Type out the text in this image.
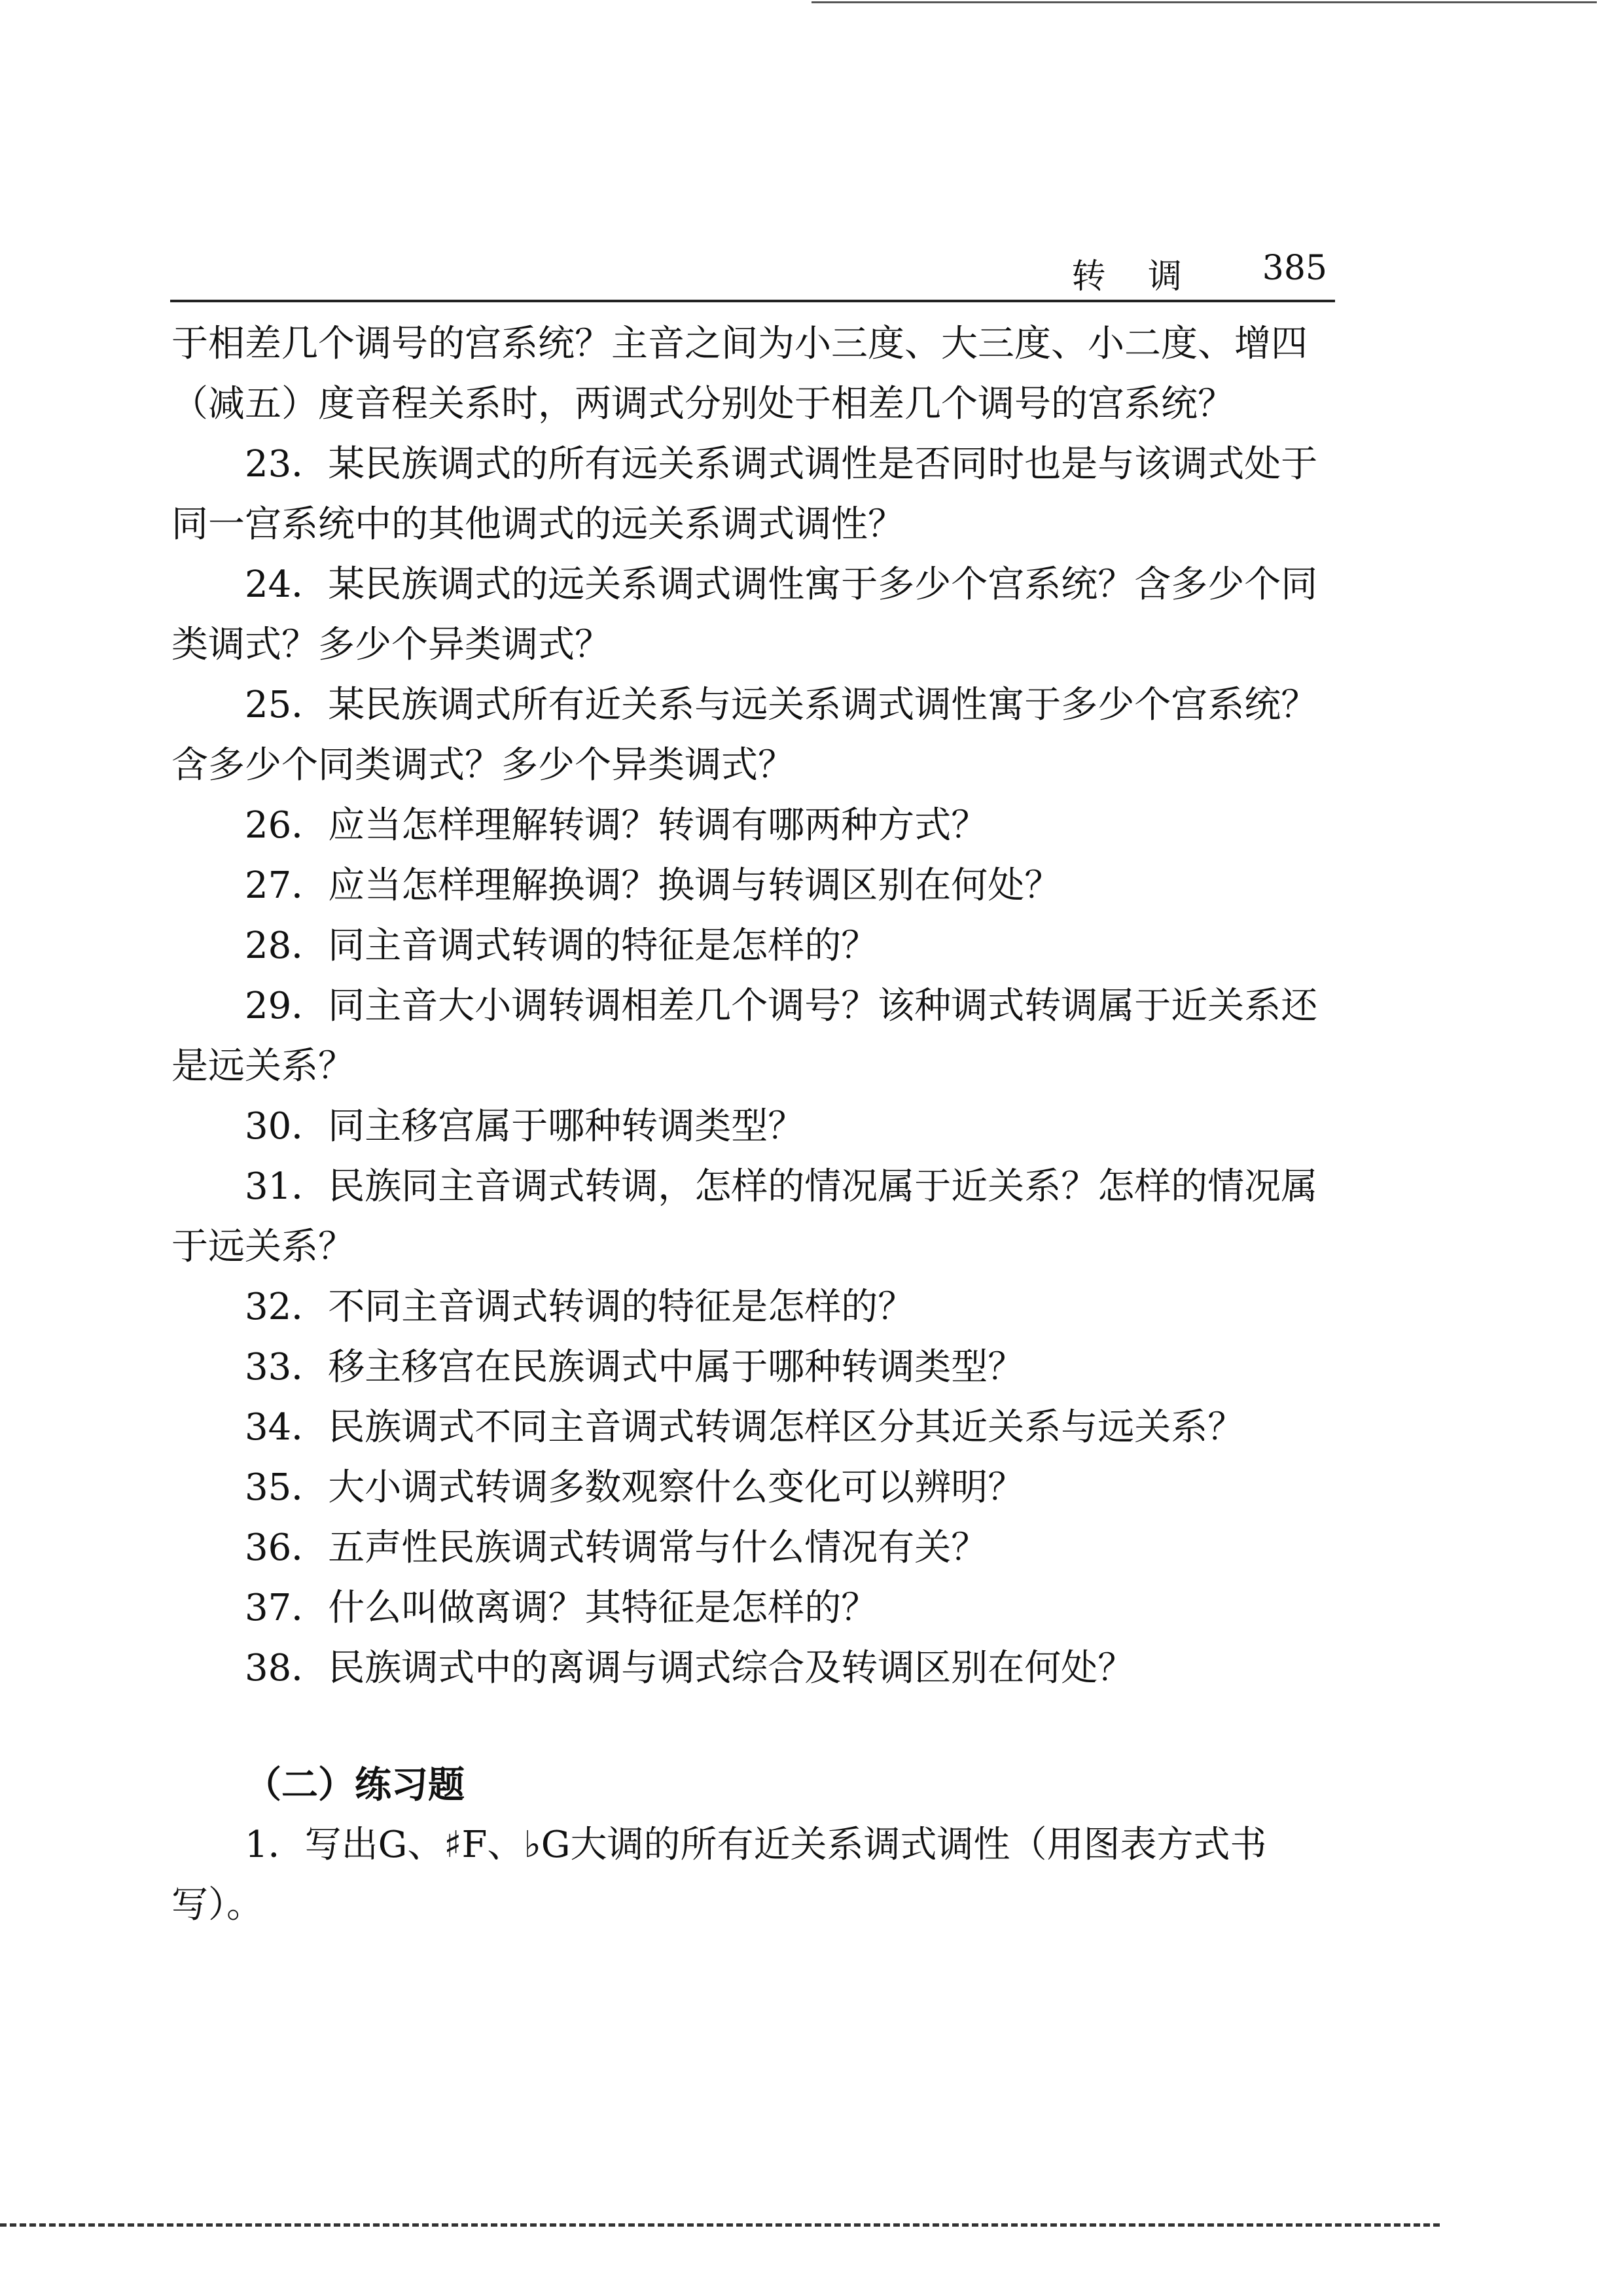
转 调 385

于相差几个调号的宫系统？主音之间为小三度、大三度、小二度、增四（减五）度音程关系时，两调式分别处于相差几个调号的宫系统？

23．某民族调式的所有远关系调式调性是否同时也是与该调式处于同一宫系统中的其他调式的远关系调式调性？

24．某民族调式的远关系调式调性寓于多少个宫系统？含多少个同类调式？多少个异类调式？

25．某民族调式所有近关系与远关系调式调性寓于多少个宫系统？含多少个同类调式？多少个异类调式？

26．应当怎样理解转调？转调有哪两种方式？

27．应当怎样理解换调？换调与转调区别在何处？

28．同主音调式转调的特征是怎样的？

29．同主音大小调转调相差几个调号？该种调式转调属于近关系还是远关系？

30．同主移宫属于哪种转调类型？

31．民族同主音调式转调，怎样的情况属于近关系？怎样的情况属于远关系？

32．不同主音调式转调的特征是怎样的？

33．移主移宫在民族调式中属于哪种转调类型？

34．民族调式不同主音调式转调怎样区分其近关系与远关系？

35．大小调式转调多数观察什么变化可以辨明？

36．五声性民族调式转调常与什么情况有关？

37．什么叫做离调？其特征是怎样的？

38．民族调式中的离调与调式综合及转调区别在何处？

（二）练习题

1．写出G、♯F、♭G大调的所有近关系调式调性（用图表方式书写）。
